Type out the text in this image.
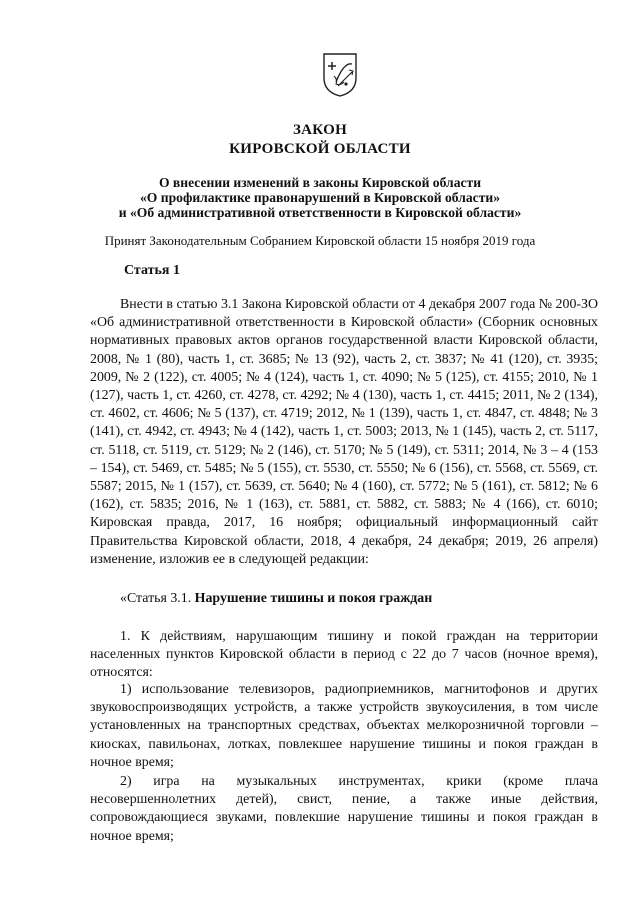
ЗАКОН
КИРОВСКОЙ ОБЛАСТИ
О внесении изменений в законы Кировской области
«О профилактике правонарушений в Кировской области»
и «Об административной ответственности в Кировской области»
Принят Законодательным Собранием Кировской области 15 ноября 2019 года
Статья 1

Внести в статью 3.1 Закона Кировской области от 4 декабря 2007 года № 200-ЗО «Об административной ответственности в Кировской области» (Сборник основных нормативных правовых актов органов государственной власти Кировской области, 2008, № 1 (80), часть 1, ст. 3685; № 13 (92), часть 2, ст. 3837; № 41 (120), ст. 3935; 2009, № 2 (122), ст. 4005; № 4 (124), часть 1, ст. 4090; № 5 (125), ст. 4155; 2010, № 1 (127), часть 1, ст. 4260, ст. 4278, ст. 4292; № 4 (130), часть 1, ст. 4415; 2011, № 2 (134), ст. 4602, ст. 4606; № 5 (137), ст. 4719; 2012, № 1 (139), часть 1, ст. 4847, ст. 4848; № 3 (141), ст. 4942, ст. 4943; № 4 (142), часть 1, ст. 5003; 2013, № 1 (145), часть 2, ст. 5117, ст. 5118, ст. 5119, ст. 5129; № 2 (146), ст. 5170; № 5 (149), ст. 5311; 2014, № 3 – 4 (153 – 154), ст. 5469, ст. 5485; № 5 (155), ст. 5530, ст. 5550; № 6 (156), ст. 5568, ст. 5569, ст. 5587; 2015, № 1 (157), ст. 5639, ст. 5640; № 4 (160), ст. 5772; № 5 (161), ст. 5812; № 6 (162), ст. 5835; 2016, № 1 (163), ст. 5881, ст. 5882, ст. 5883; № 4 (166), ст. 6010; Кировская правда, 2017, 16 ноября; официальный информационный сайт Правительства Кировской области, 2018, 4 декабря, 24 декабря; 2019, 26 апреля) изменение, изложив ее в следующей редакции:

«Статья 3.1. Нарушение тишины и покоя граждан

1. К действиям, нарушающим тишину и покой граждан на территории населенных пунктов Кировской области в период с 22 до 7 часов (ночное время), относятся:

1) использование телевизоров, радиоприемников, магнитофонов и других звуковоспроизводящих устройств, а также устройств звукоусиления, в том числе установленных на транспортных средствах, объектах мелкорозничной торговли – киосках, павильонах, лотках, повлекшее нарушение тишины и покоя граждан в ночное время;

2) игра на музыкальных инструментах, крики (кроме плача несовершеннолетних детей), свист, пение, а также иные действия, сопровождающиеся звуками, повлекшие нарушение тишины и покоя граждан в ночное время;
